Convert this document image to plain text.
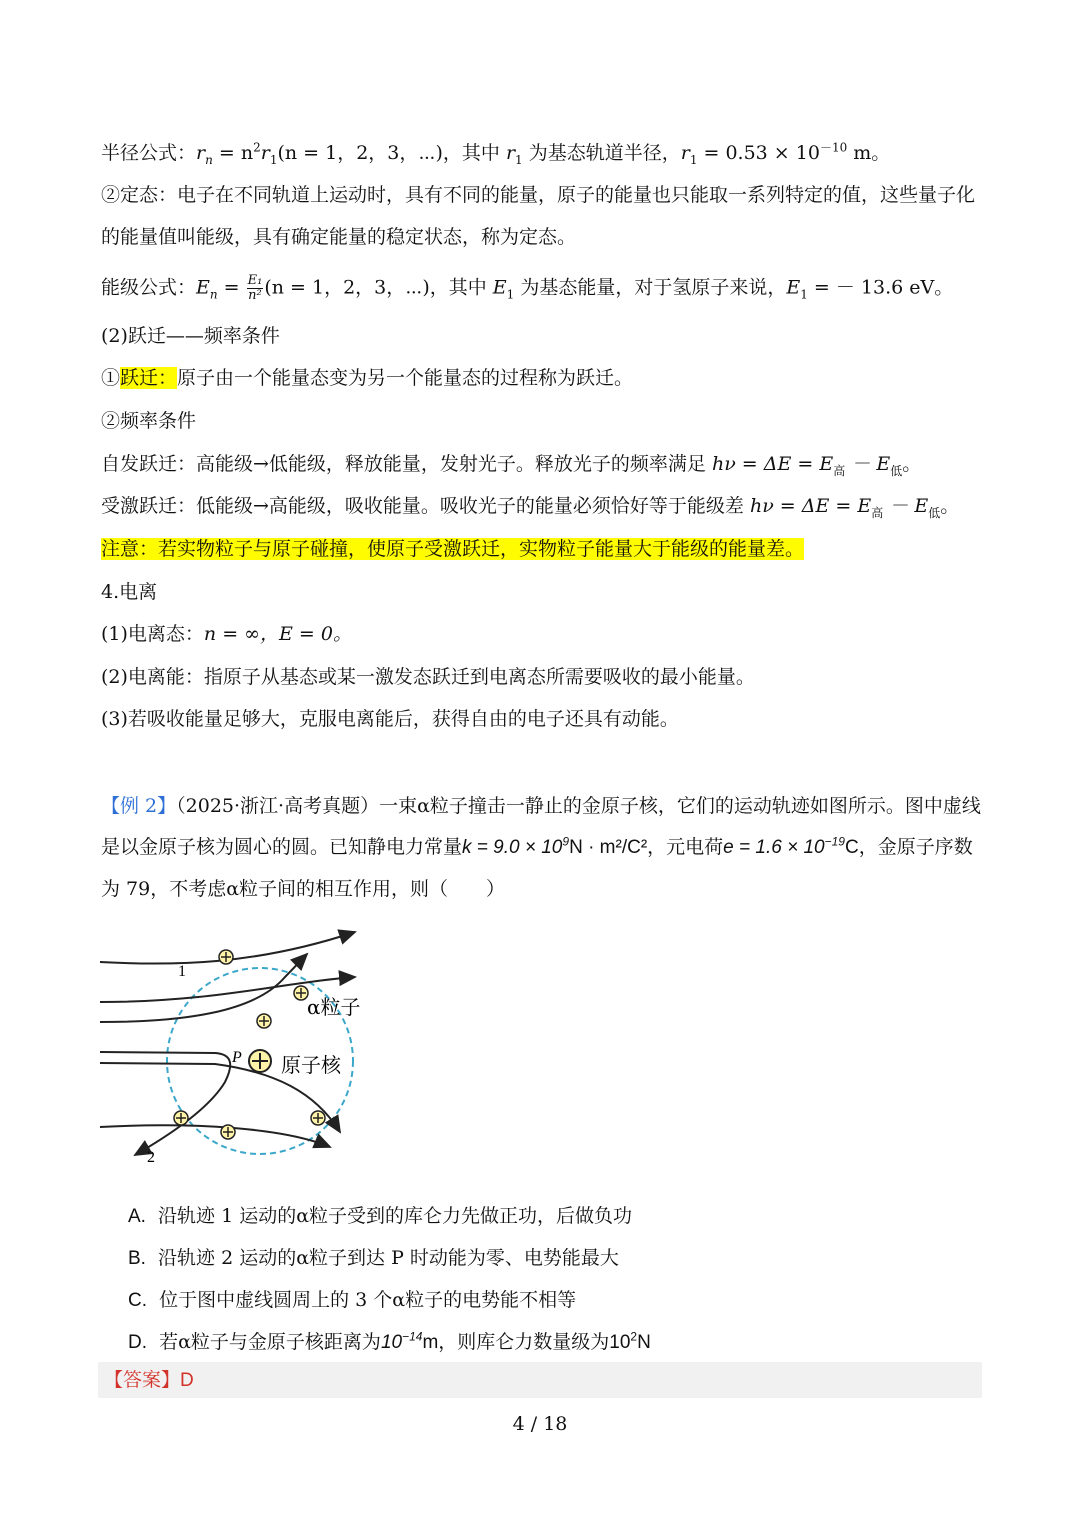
半径公式：$r_n = n^2r_1(n = 1$，2，3，⋯)，其中 $r_1$ 为基态轨道半径，$r_1 = 0.53 \times 10^{-10}$ m。
②定态：电子在不同轨道上运动时，具有不同的能量，原子的能量也只能取一系列特定的值，这些量子化
的能量值叫能级，具有确定能量的稳定状态，称为定态。
能级公式：$E_n = \frac{\text{E₁}}{\text{n²}} (n = 1$，2，3，⋯)，其中 $E_1$ 为基态能量，对于氢原子来说，$E_1$ = － 13.6 eV。
(2)跃迁——频率条件
①跃迁：原子由一个能量态变为另一个能量态的过程称为跃迁。
②频率条件
自发跃迁：高能级→低能级，释放能量，发射光子。释放光子的频率满足 $h\nu = \Delta E = E_高 - E_低$。
受激跃迁：低能级→高能级，吸收能量。吸收光子的能量必须恰好等于能级差 $h\nu = \Delta E = E_高 - E_低$。
注意：若实物粒子与原子碰撞，使原子受激跃迁，实物粒子能量大于能级的能量差。
4.电离
(1)电离态：n = ∞，E = 0。
(2)电离能：指原子从基态或某一激发态跃迁到电离态所需要吸收的最小能量。
(3)若吸收能量足够大，克服电离能后，获得自由的电子还具有动能。
【例 2】（2025·浙江·高考真题）一束α粒子撞击一静止的金原子核，它们的运动轨迹如图所示。图中虚线
是以金原子核为圆心的圆。已知静电力常量$k = 9.0 \times 10^9N \cdot m^2/C^2$，元电荷$e = 1.6 \times 10^{-19}C$，金原子序数
为 79，不考虑α粒子间的相互作用，则（　　）
1
2
P
α粒子
原子核
A. 沿轨迹 1 运动的α粒子受到的库仑力先做正功，后做负功
B. 沿轨迹 2 运动的α粒子到达 P 时动能为零、电势能最大
C. 位于图中虚线圆周上的 3 个α粒子的电势能不相等
D. 若α粒子与金原子核距离为$10^{-14}m$，则库仑力数量级为$10^2N$
【答案】D
4 / 18
